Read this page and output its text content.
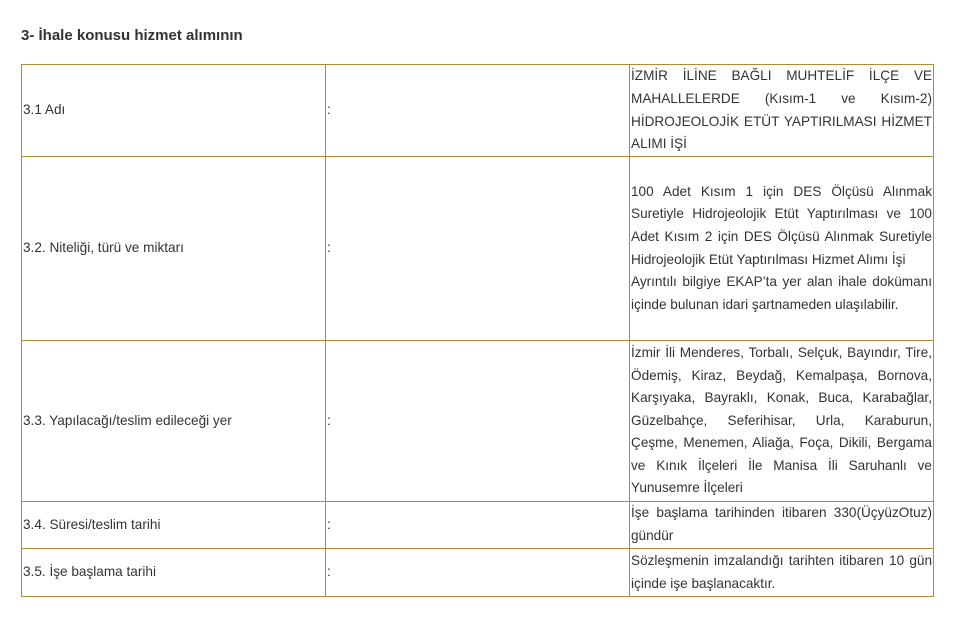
3- İhale konusu hizmet alımının
3.1 Adı	:	İZMİR İLİNE BAĞLI MUHTELİF İLÇE VE MAHALLELERDE (Kısım-1 ve Kısım-2) HİDROJEOLOJİK ETÜT YAPTIRILMASI HİZMET ALIMI İŞİ

3.2. Niteliği, türü ve miktarı	:	100 Adet Kısım 1 için DES Ölçüsü Alınmak Suretiyle Hidrojeolojik Etüt Yaptırılması ve 100 Adet Kısım 2 için DES Ölçüsü Alınmak Suretiyle Hidrojeolojik Etüt Yaptırılması Hizmet Alımı İşi

Ayrıntılı bilgiye EKAP’ta yer alan ihale dokümanı içinde bulunan idari şartnameden ulaşılabilir.

3.3. Yapılacağı/teslim edileceği yer	:	İzmir İli Menderes, Torbalı, Selçuk, Bayındır, Tire, Ödemiş, Kiraz, Beydağ, Kemalpaşa, Bornova, Karşıyaka, Bayraklı, Konak, Buca, Karabağlar, Güzelbahçe, Seferihisar, Urla, Karaburun, Çeşme, Menemen, Aliağa, Foça, Dikili, Bergama ve Kınık İlçeleri İle Manisa İli Saruhanlı ve Yunusemre İlçeleri

3.4. Süresi/teslim tarihi	:	İşe başlama tarihinden itibaren 330(ÜçyüzOtuz) gündür

3.5. İşe başlama tarihi	:	Sözleşmenin imzalandığı tarihten itibaren 10 gün içinde işe başlanacaktır.
